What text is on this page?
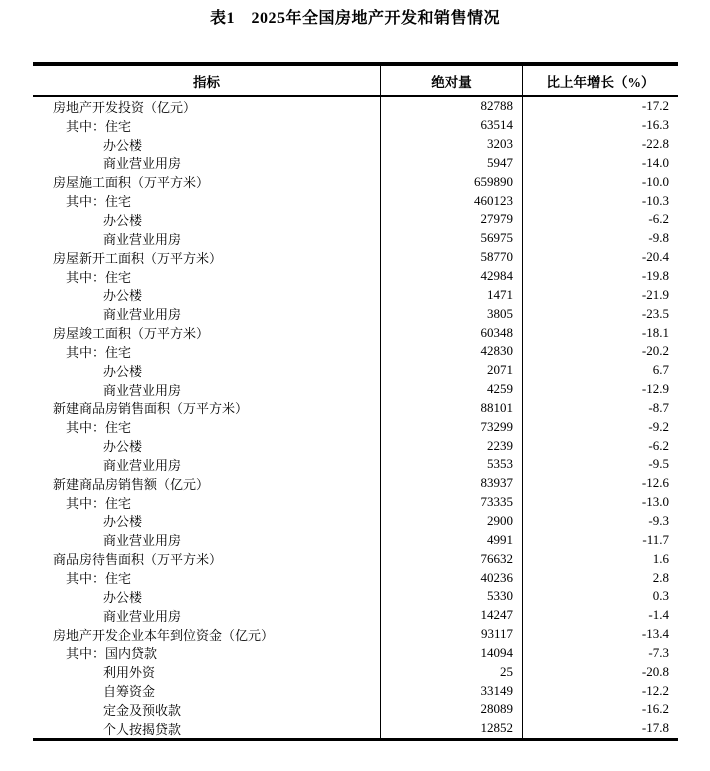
表1　2025年全国房地产开发和销售情况
指标	绝对量	比上年增长（%）
房地产开发投资（亿元）	82788	-17.2
其中：住宅	63514	-16.3
办公楼	3203	-22.8
商业营业用房	5947	-14.0
房屋施工面积（万平方米）	659890	-10.0
其中：住宅	460123	-10.3
办公楼	27979	-6.2
商业营业用房	56975	-9.8
房屋新开工面积（万平方米）	58770	-20.4
其中：住宅	42984	-19.8
办公楼	1471	-21.9
商业营业用房	3805	-23.5
房屋竣工面积（万平方米）	60348	-18.1
其中：住宅	42830	-20.2
办公楼	2071	6.7
商业营业用房	4259	-12.9
新建商品房销售面积（万平方米）	88101	-8.7
其中：住宅	73299	-9.2
办公楼	2239	-6.2
商业营业用房	5353	-9.5
新建商品房销售额（亿元）	83937	-12.6
其中：住宅	73335	-13.0
办公楼	2900	-9.3
商业营业用房	4991	-11.7
商品房待售面积（万平方米）	76632	1.6
其中：住宅	40236	2.8
办公楼	5330	0.3
商业营业用房	14247	-1.4
房地产开发企业本年到位资金（亿元）	93117	-13.4
其中：国内贷款	14094	-7.3
利用外资	25	-20.8
自筹资金	33149	-12.2
定金及预收款	28089	-16.2
个人按揭贷款	12852	-17.8
